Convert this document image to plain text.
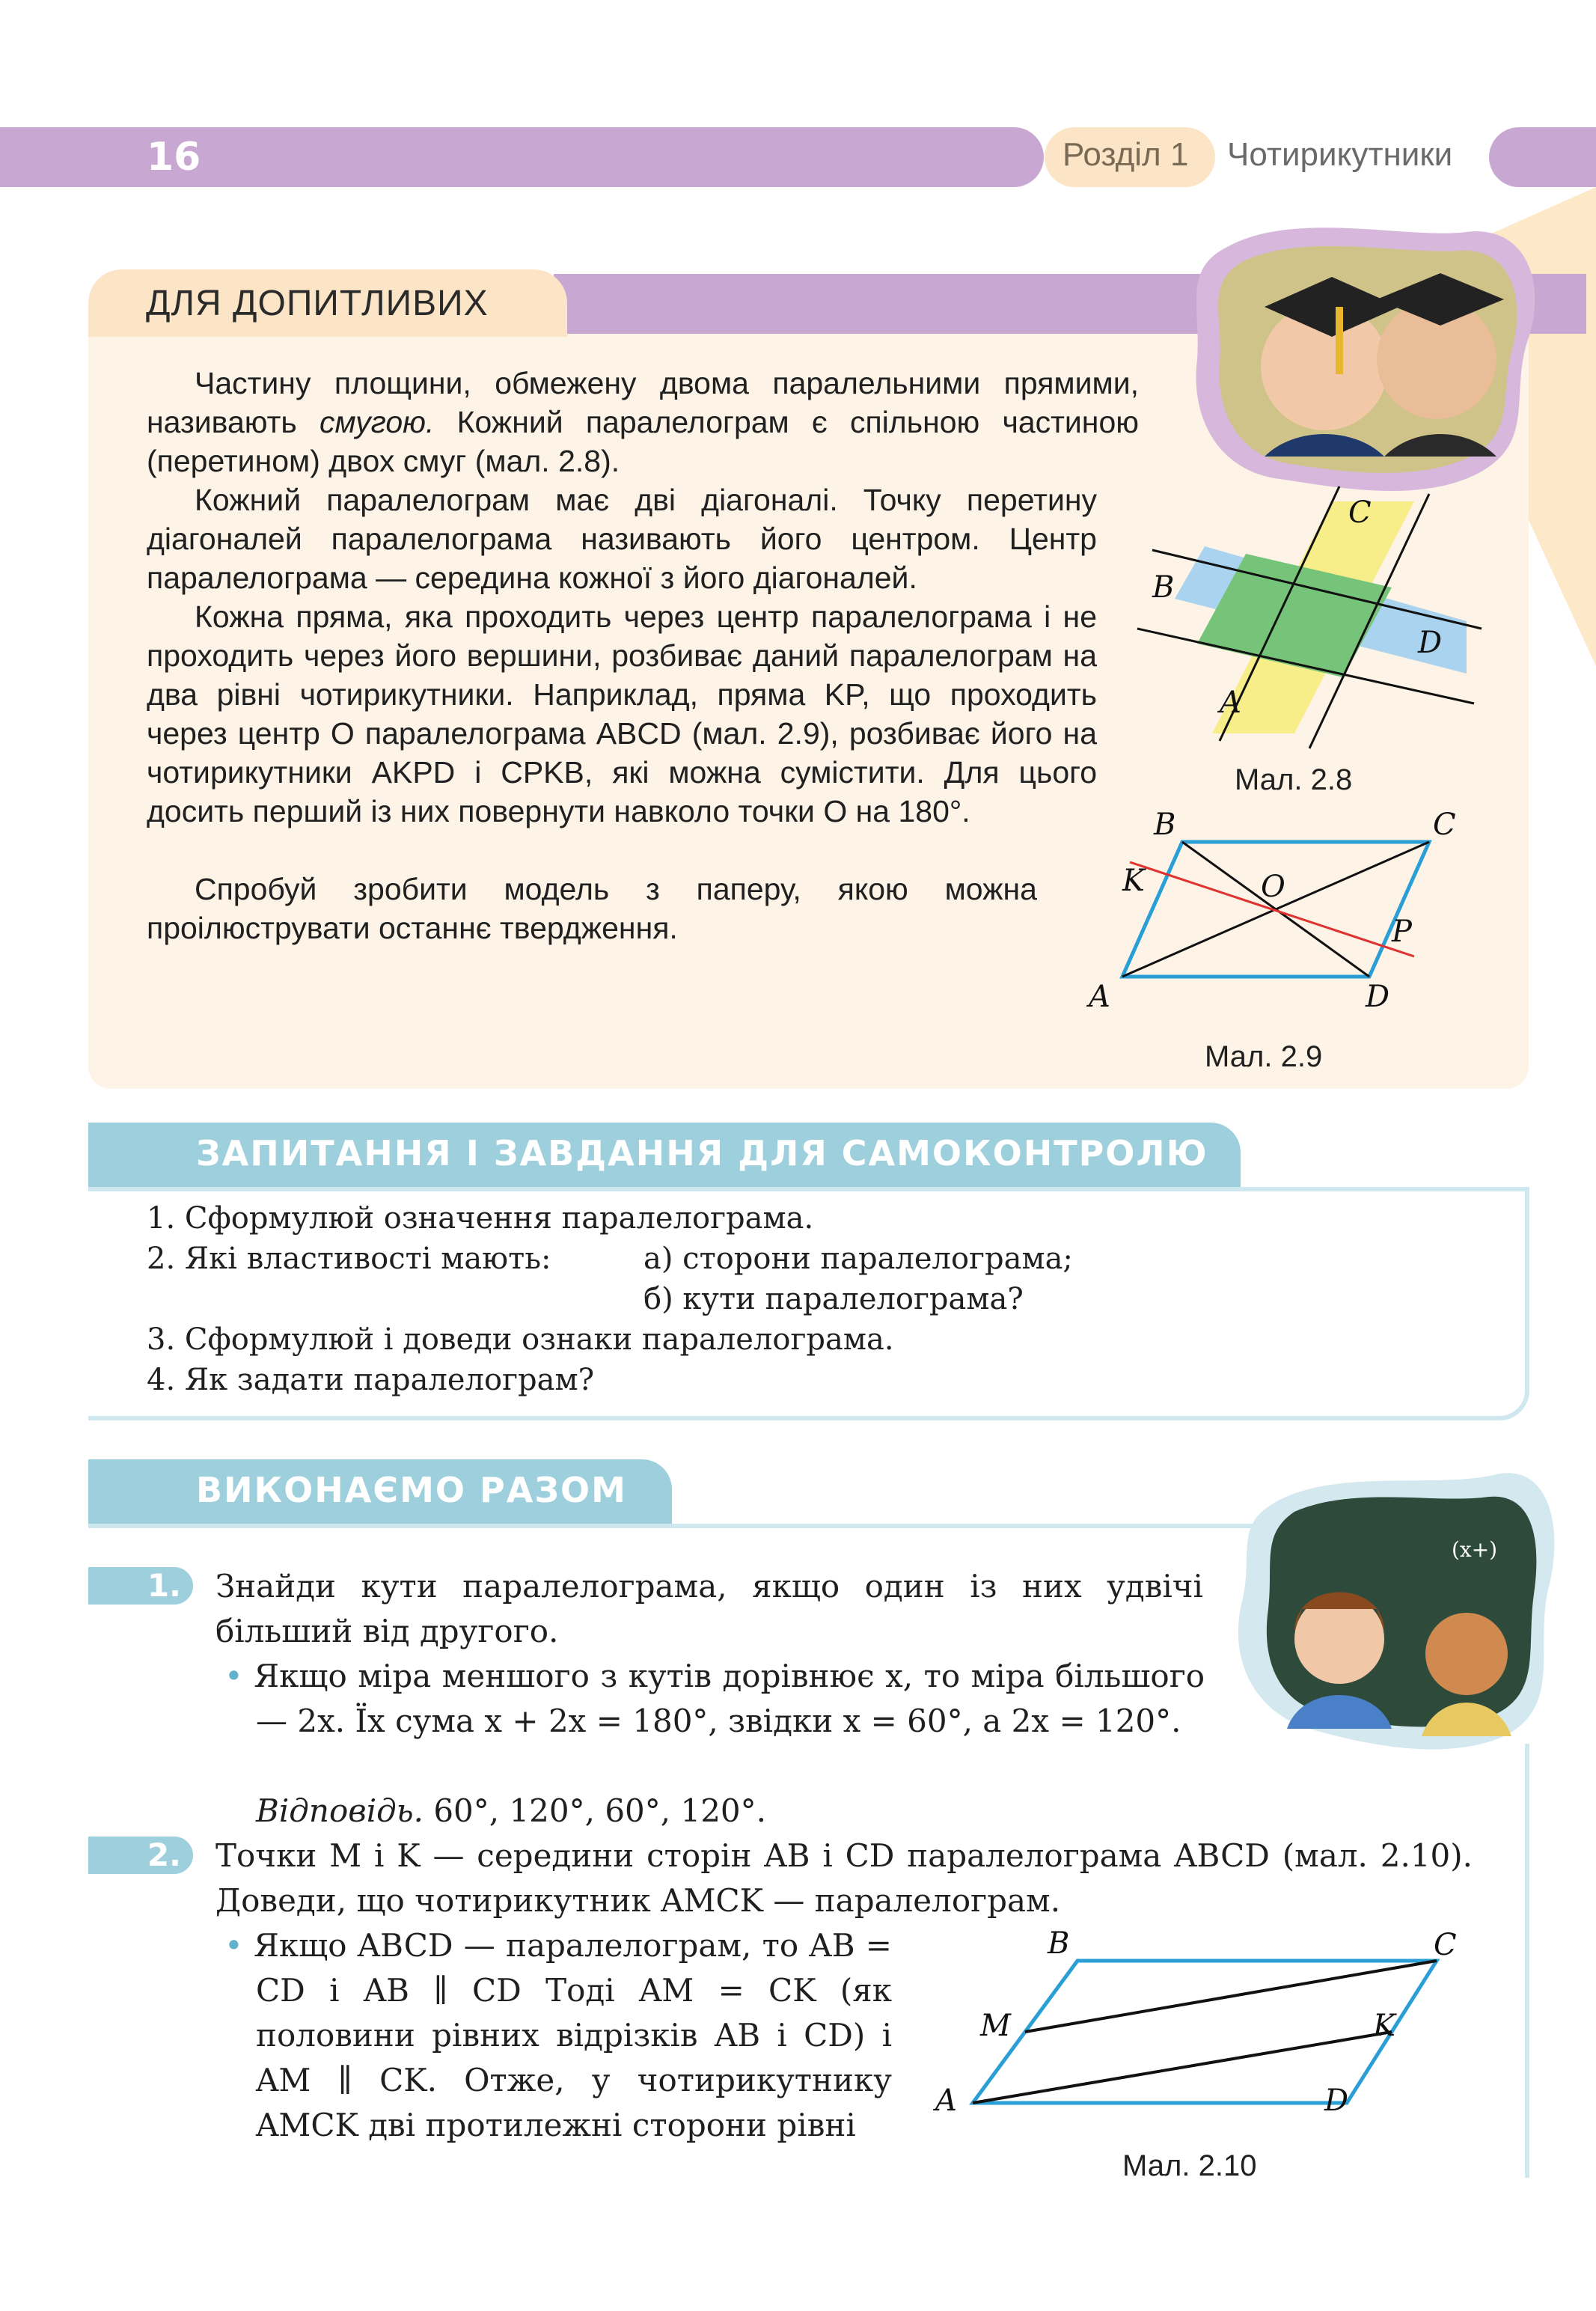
16	Розділ 1 Чотирикутники
ДЛЯ ДОПИТЛИВИХ

Частину площини, обмежену двома паралельними прямими, називають смугою. Кожний паралелограм є спільною частиною (перетином) двох смуг (мал. 2.8).

Кожний паралелограм має дві діагоналі. Точку перетину діагоналей паралелограма називають його центром. Центр паралелограма — середина кожної з його діагоналей.

Кожна пряма, яка проходить через центр паралелограма і не проходить через його вершини, розбиває даний паралелограм на два рівні чотирикутники. Наприклад, пряма KP, що проходить через центр O паралелограма ABCD (мал. 2.9), розбиває його на чотирикутники AKPD і CPKB, які можна сумістити. Для цього досить перший із них повернути навколо точки O на 180°.

Спробуй зробити модель з паперу, якою можна проілюструвати останнє твердження.

C
B
D
A
Мал. 2.8
B	C
K	O
P
A	D
Мал. 2.9
ЗАПИТАННЯ І ЗАВДАННЯ ДЛЯ САМОКОНТРОЛЮ
1. Сформулюй означення паралелограма.
2. Які властивості мають:	а) сторони паралелограма;
б) кути паралелограма?
3. Сформулюй і доведи ознаки паралелограма.
4. Як задати паралелограм?
ВИКОНАЄМО РАЗОМ
(x+)
1.	Знайди кути паралелограма, якщо один із них удвічі більший від другого.

• Якщо міра меншого з кутів дорівнює x, то міра більшого — 2x. Їх сума x + 2x = 180°, звідки x = 60°, а 2x = 120°.

Відповідь. 60°, 120°, 60°, 120°.
2.	Точки M і K — середини сторін AB і CD паралелограма ABCD (мал. 2.10). Доведи, що чотирикутник AMCK — паралелограм.

• Якщо ABCD — паралелограм, то AB = CD і AB ∥ CD Тоді AM = CK (як половини рівних відрізків AB і CD) і AM ∥ CK. Отже, у чотирикутнику AMCK дві протилежні сторони рівні

B	C
M	K
A	D
Мал. 2.10
